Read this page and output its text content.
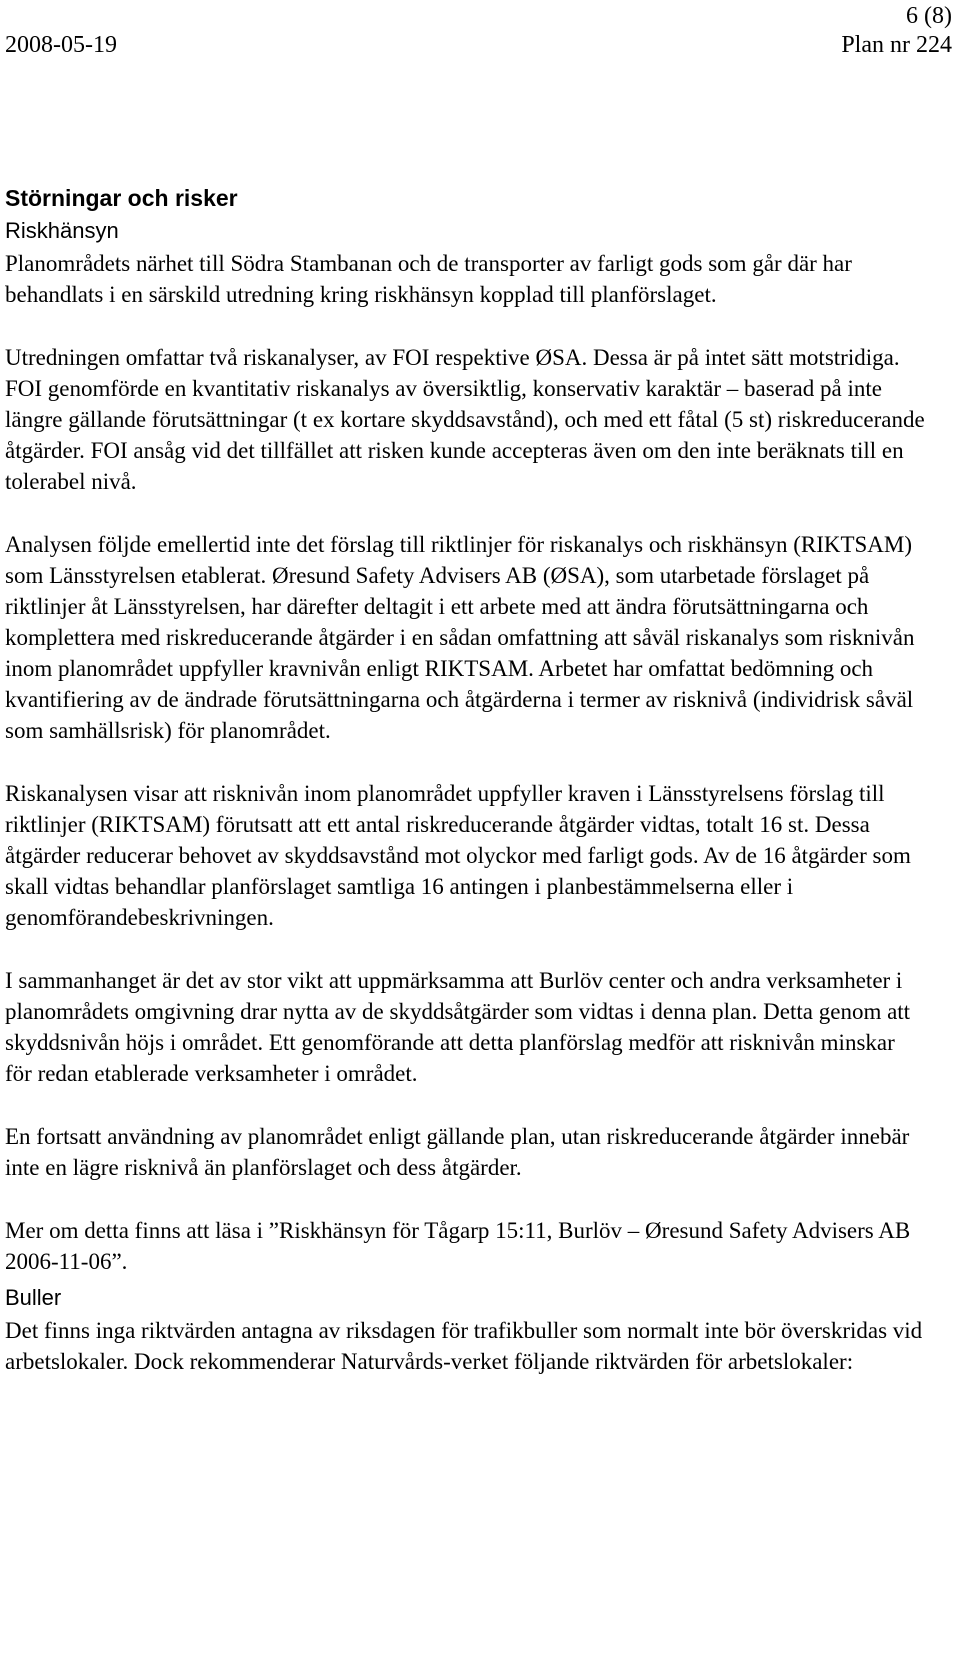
6 (8)
2008-05-19	Plan nr 224
Störningar och risker
Riskhänsyn

Planområdets närhet till Södra Stambanan och de transporter av farligt gods som går där har behandlats i en särskild utredning kring riskhänsyn kopplad till planförslaget.

Utredningen omfattar två riskanalyser, av FOI respektive ØSA. Dessa är på intet sätt motstridiga. FOI genomförde en kvantitativ riskanalys av översiktlig, konservativ karaktär – baserad på inte längre gällande förutsättningar (t ex kortare skyddsavstånd), och med ett fåtal (5 st) riskreducerande åtgärder. FOI ansåg vid det tillfället att risken kunde accepteras även om den inte beräknats till en tolerabel nivå.

Analysen följde emellertid inte det förslag till riktlinjer för riskanalys och riskhänsyn (RIKTSAM) som Länsstyrelsen etablerat. Øresund Safety Advisers AB (ØSA), som utarbetade förslaget på riktlinjer åt Länsstyrelsen, har därefter deltagit i ett arbete med att ändra förutsättningarna och komplettera med riskreducerande åtgärder i en sådan omfattning att såväl riskanalys som risknivån inom planområdet uppfyller kravnivån enligt RIKTSAM. Arbetet har omfattat bedömning och kvantifiering av de ändrade förutsättningarna och åtgärderna i termer av risknivå (individrisk såväl som samhällsrisk) för planområdet.

Riskanalysen visar att risknivån inom planområdet uppfyller kraven i Länsstyrelsens förslag till riktlinjer (RIKTSAM) förutsatt att ett antal riskreducerande åtgärder vidtas, totalt 16 st. Dessa åtgärder reducerar behovet av skyddsavstånd mot olyckor med farligt gods. Av de 16 åtgärder som skall vidtas behandlar planförslaget samtliga 16 antingen i planbestämmelserna eller i genomförandebeskrivningen.

I sammanhanget är det av stor vikt att uppmärksamma att Burlöv center och andra verksamheter i planområdets omgivning drar nytta av de skyddsåtgärder som vidtas i denna plan. Detta genom att skyddsnivån höjs i området. Ett genomförande att detta planförslag medför att risknivån minskar för redan etablerade verksamheter i området.

En fortsatt användning av planområdet enligt gällande plan, utan riskreducerande åtgärder innebär inte en lägre risknivå än planförslaget och dess åtgärder.

Mer om detta finns att läsa i ”Riskhänsyn för Tågarp 15:11, Burlöv – Øresund Safety Advisers AB 2006-11-06”.

Buller

Det finns inga riktvärden antagna av riksdagen för trafikbuller som normalt inte bör överskridas vid arbetslokaler. Dock rekommenderar Naturvårds-verket följande riktvärden för arbetslokaler:
